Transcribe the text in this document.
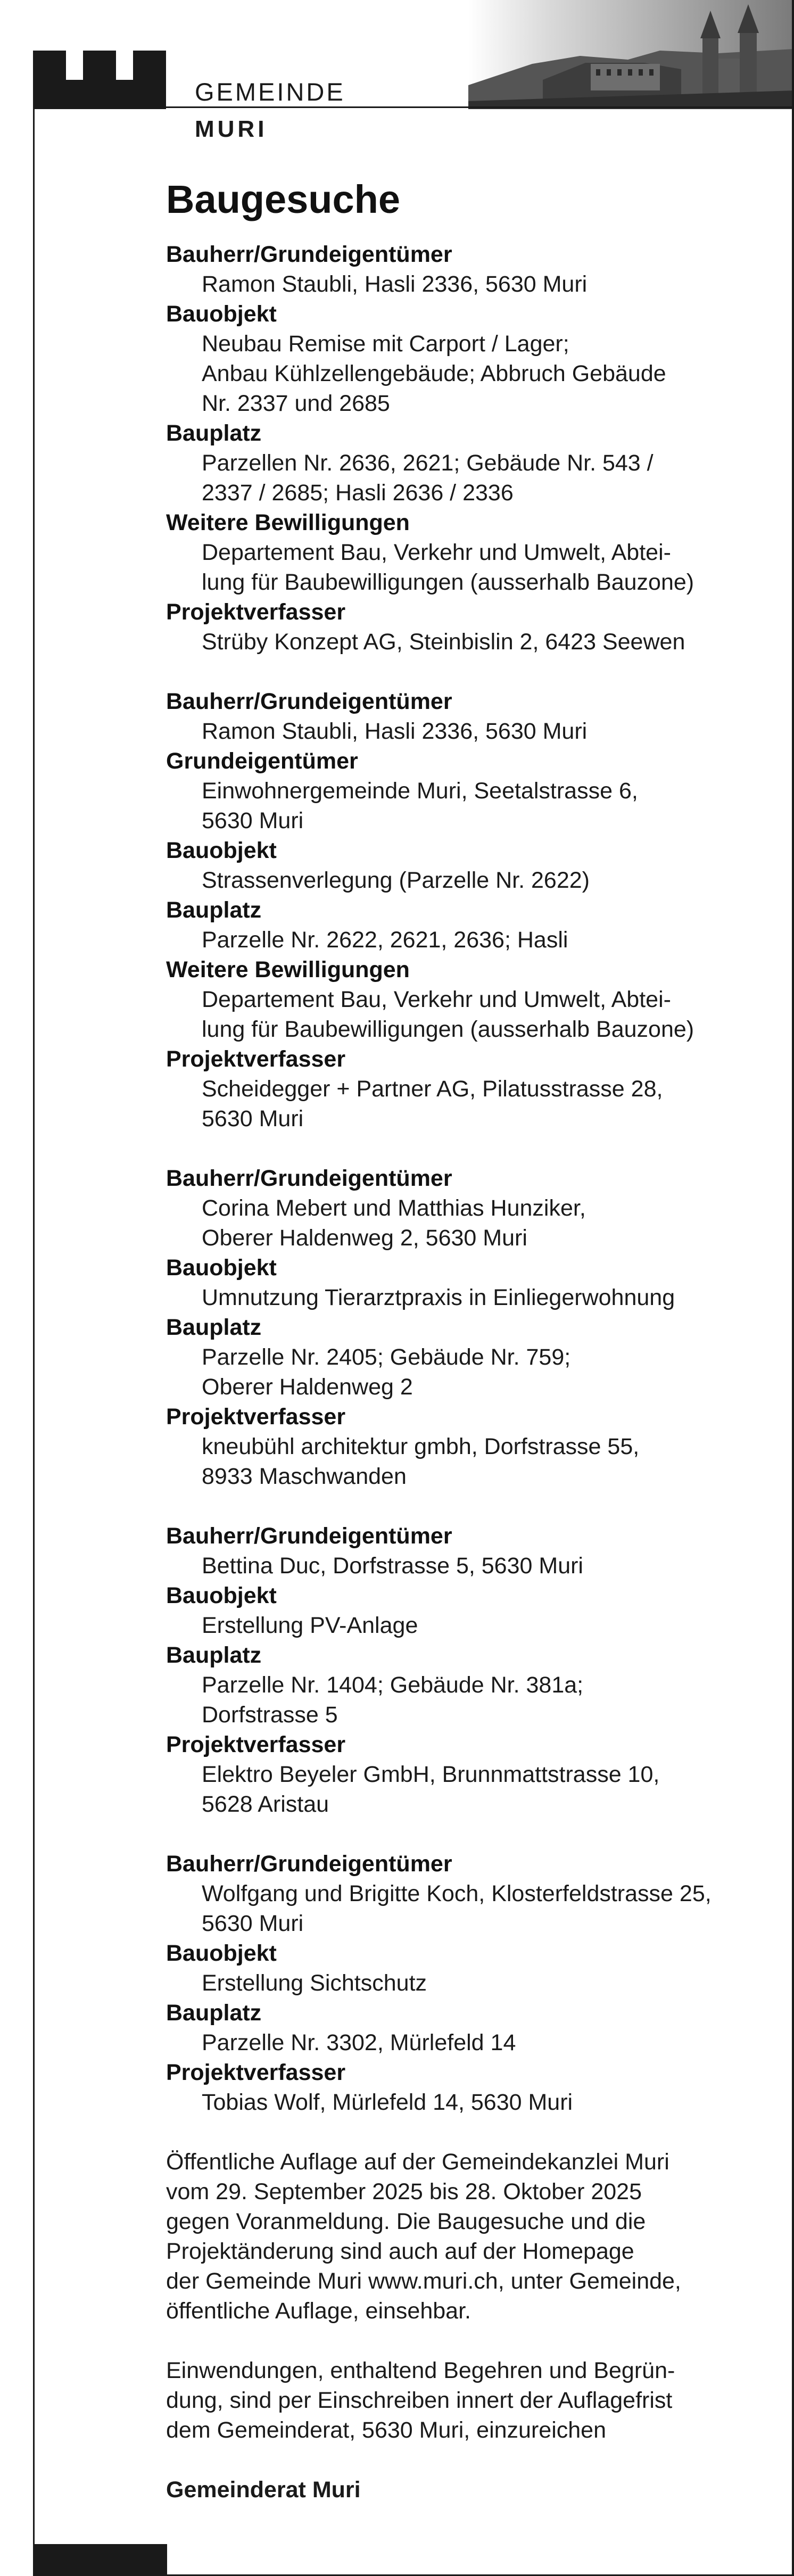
GEMEINDE
MURI
Baugesuche
Bauherr/Grundeigentümer
Ramon Staubli, Hasli 2336, 5630 Muri
Bauobjekt
Neubau Remise mit Carport / Lager;
Anbau Kühlzellengebäude; Abbruch Gebäude
Nr. 2337 und 2685
Bauplatz
Parzellen Nr. 2636, 2621; Gebäude Nr. 543 /
2337 / 2685; Hasli 2636 / 2336
Weitere Bewilligungen
Departement Bau, Verkehr und Umwelt, Abtei-
lung für Baubewilligungen (ausserhalb Bauzone)
Projektverfasser
Strüby Konzept AG, Steinbislin 2, 6423 Seewen
Bauherr/Grundeigentümer
Ramon Staubli, Hasli 2336, 5630 Muri
Grundeigentümer
Einwohnergemeinde Muri, Seetalstrasse 6,
5630 Muri
Bauobjekt
Strassenverlegung (Parzelle Nr. 2622)
Bauplatz
Parzelle Nr. 2622, 2621, 2636; Hasli
Weitere Bewilligungen
Departement Bau, Verkehr und Umwelt, Abtei-
lung für Baubewilligungen (ausserhalb Bauzone)
Projektverfasser
Scheidegger + Partner AG, Pilatusstrasse 28,
5630 Muri
Bauherr/Grundeigentümer
Corina Mebert und Matthias Hunziker,
Oberer Haldenweg 2, 5630 Muri
Bauobjekt
Umnutzung Tierarztpraxis in Einliegerwohnung
Bauplatz
Parzelle Nr. 2405; Gebäude Nr. 759;
Oberer Haldenweg 2
Projektverfasser
kneubühl architektur gmbh, Dorfstrasse 55,
8933 Maschwanden
Bauherr/Grundeigentümer
Bettina Duc, Dorfstrasse 5, 5630 Muri
Bauobjekt
Erstellung PV-Anlage
Bauplatz
Parzelle Nr. 1404; Gebäude Nr. 381a;
Dorfstrasse 5
Projektverfasser
Elektro Beyeler GmbH, Brunnmattstrasse 10,
5628 Aristau
Bauherr/Grundeigentümer
Wolfgang und Brigitte Koch, Klosterfeldstrasse 25,
5630 Muri
Bauobjekt
Erstellung Sichtschutz
Bauplatz
Parzelle Nr. 3302, Mürlefeld 14
Projektverfasser
Tobias Wolf, Mürlefeld 14, 5630 Muri
Öffentliche Auflage auf der Gemeindekanzlei Muri
vom 29. September 2025 bis 28. Oktober 2025
gegen Voranmeldung. Die Baugesuche und die
Projektänderung sind auch auf der Homepage
der Gemeinde Muri www.muri.ch, unter Gemeinde,
öffentliche Auflage, einsehbar.
Einwendungen, enthaltend Begehren und Begrün-
dung, sind per Einschreiben innert der Auflagefrist
dem Gemeinderat, 5630 Muri, einzureichen
Gemeinderat Muri
